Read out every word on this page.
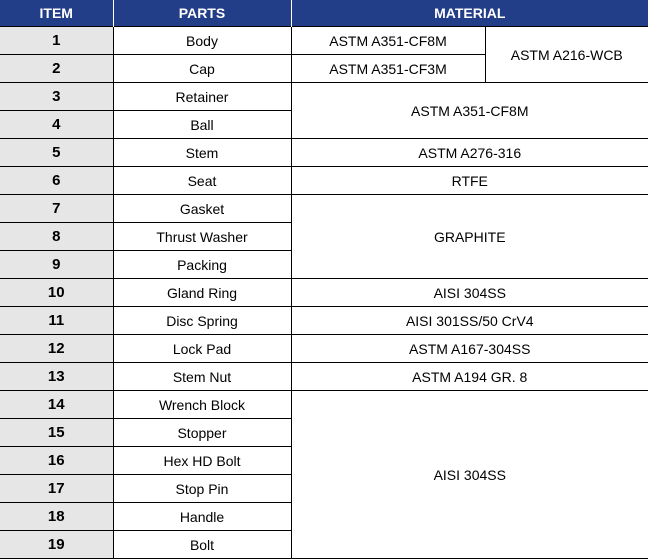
ITEM	PARTS	MATERIAL	
1	Body	ASTM A351-CF8M	ASTM A216-WCB
2	Cap	ASTM A351-CF3M	
3	Retainer	ASTM A351-CF8M	
4	Ball		
5	Stem	ASTM A276-316	
6	Seat	RTFE	
7	Gasket	GRAPHITE	
8	Thrust Washer		
9	Packing		
10	Gland Ring	AISI 304SS	
11	Disc Spring	AISI 301SS/50 CrV4	
12	Lock Pad	ASTM A167-304SS	
13	Stem Nut	ASTM A194 GR. 8	
14	Wrench Block	AISI 304SS	
15	Stopper		
16	Hex HD Bolt		
17	Stop Pin		
18	Handle		
19	Bolt		
